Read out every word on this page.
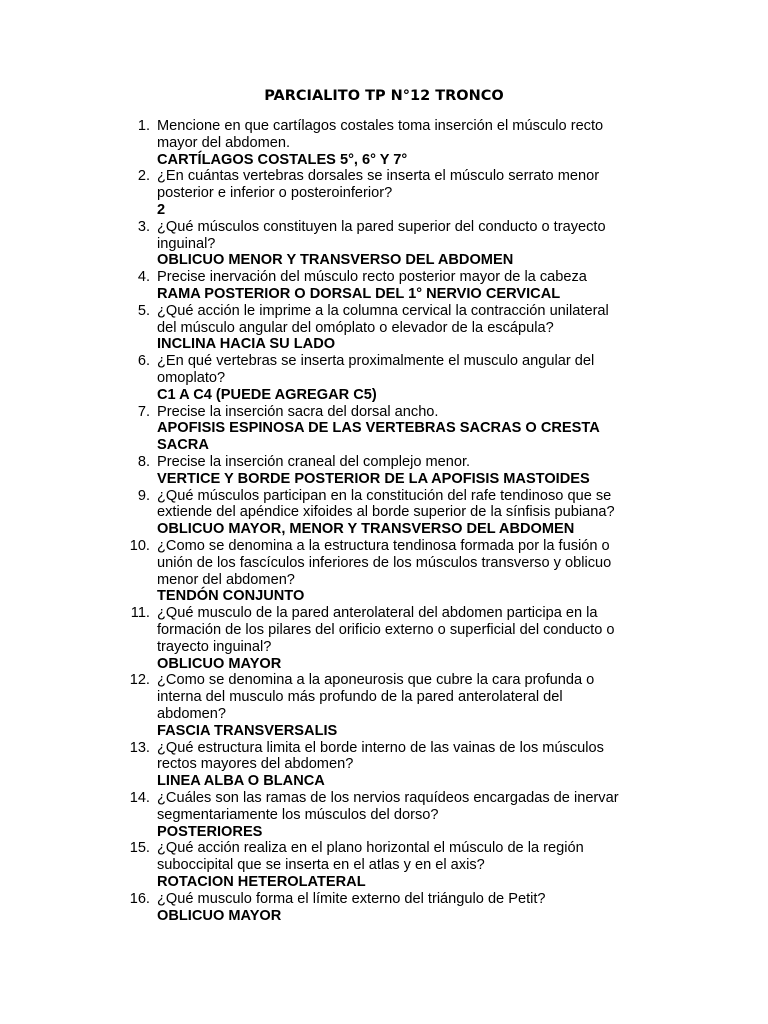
PARCIALITO TP N°12 TRONCO
1. Mencione en que cartílagos costales toma inserción el músculo recto
mayor del abdomen.
CARTÍLAGOS COSTALES 5°, 6° Y 7°
2. ¿En cuántas vertebras dorsales se inserta el músculo serrato menor
posterior e inferior o posteroinferior?
2
3. ¿Qué músculos constituyen la pared superior del conducto o trayecto
inguinal?
OBLICUO MENOR Y TRANSVERSO DEL ABDOMEN
4. Precise inervación del músculo recto posterior mayor de la cabeza
RAMA POSTERIOR O DORSAL DEL 1° NERVIO CERVICAL
5. ¿Qué acción le imprime a la columna cervical la contracción unilateral
del músculo angular del omóplato o elevador de la escápula?
INCLINA HACIA SU LADO
6. ¿En qué vertebras se inserta proximalmente el musculo angular del
omoplato?
C1 A C4 (PUEDE AGREGAR C5)
7. Precise la inserción sacra del dorsal ancho.
APOFISIS ESPINOSA DE LAS VERTEBRAS SACRAS O CRESTA
SACRA
8. Precise la inserción craneal del complejo menor.
VERTICE Y BORDE POSTERIOR DE LA APOFISIS MASTOIDES
9. ¿Qué músculos participan en la constitución del rafe tendinoso que se
extiende del apéndice xifoides al borde superior de la sínfisis pubiana?
OBLICUO MAYOR, MENOR Y TRANSVERSO DEL ABDOMEN
10. ¿Como se denomina a la estructura tendinosa formada por la fusión o
unión de los fascículos inferiores de los músculos transverso y oblicuo
menor del abdomen?
TENDÓN CONJUNTO
11. ¿Qué musculo de la pared anterolateral del abdomen participa en la
formación de los pilares del orificio externo o superficial del conducto o
trayecto inguinal?
OBLICUO MAYOR
12. ¿Como se denomina a la aponeurosis que cubre la cara profunda o
interna del musculo más profundo de la pared anterolateral del
abdomen?
FASCIA TRANSVERSALIS
13. ¿Qué estructura limita el borde interno de las vainas de los músculos
rectos mayores del abdomen?
LINEA ALBA O BLANCA
14. ¿Cuáles son las ramas de los nervios raquídeos encargadas de inervar
segmentariamente los músculos del dorso?
POSTERIORES
15. ¿Qué acción realiza en el plano horizontal el músculo de la región
suboccipital que se inserta en el atlas y en el axis?
ROTACION HETEROLATERAL
16. ¿Qué musculo forma el límite externo del triángulo de Petit?
OBLICUO MAYOR
